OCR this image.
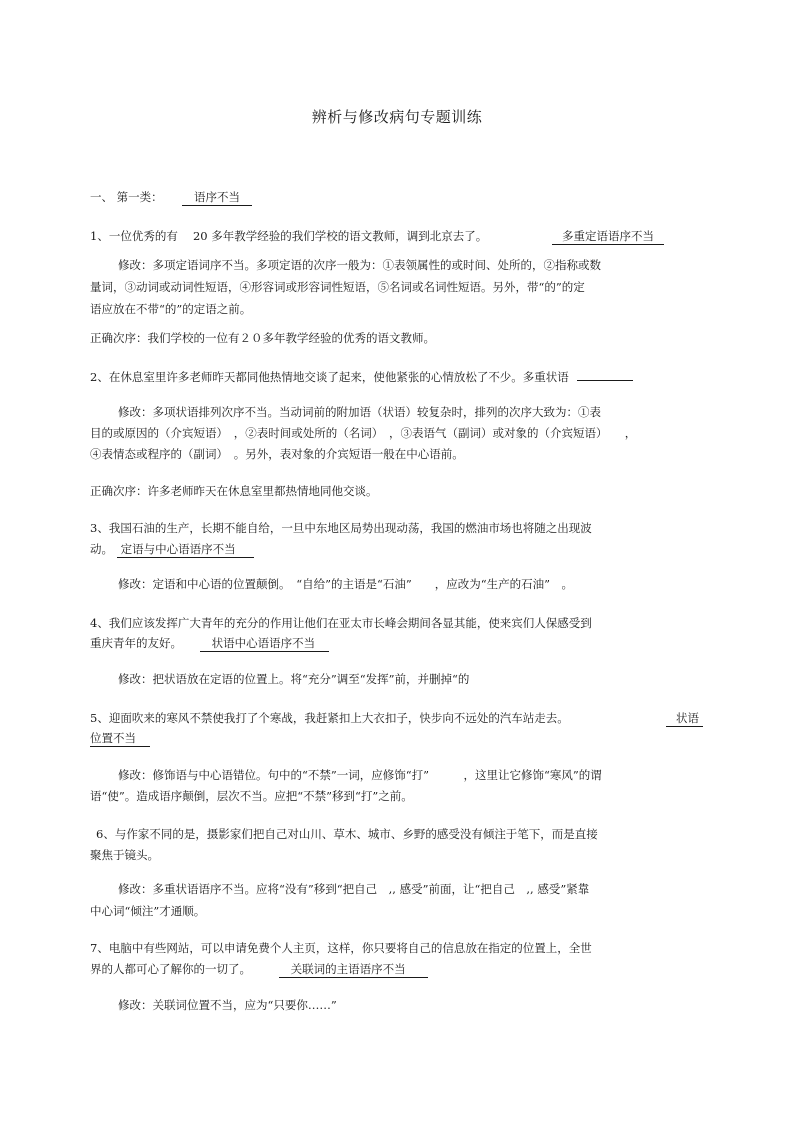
辨析与修改病句专题训练
一、 第一类：	语序不当
1、一位优秀的有　 20 多年教学经验的我们学校的语文教师，调到北京去了。	多重定语语序不当
修改：多项定语词序不当。多项定语的次序一般为：①表领属性的或时间、处所的，②指称或数
量词，③动词或动词性短语，④形容词或形容词性短语，⑤名词或名词性短语。另外，带“的”的定
语应放在不带“的”的定语之前。
正确次序：我们学校的一位有２０多年教学经验的优秀的语文教师。
2、在休息室里许多老师昨天都同他热情地交谈了起来，使他紧张的心情放松了不少。多重状语
修改：多项状语排列次序不当。当动词前的附加语（状语）较复杂时，排列的次序大致为：①表
目的或原因的（介宾短语）　，②表时间或处所的（名词）　，③表语气（副词）或对象的（介宾短语）　　，
④表情态或程序的（副词）　。另外，表对象的介宾短语一般在中心语前。
正确次序：许多老师昨天在休息室里都热情地同他交谈。
3、我国石油的生产，长期不能自给，一旦中东地区局势出现动荡，我国的燃油市场也将随之出现波
动。 定语与中心语语序不当
修改：定语和中心语的位置颠倒。　“自给”的主语是“石油”　　，应改为“生产的石油”　。
4、我们应该发挥广大青年的充分的作用让他们在亚太市长峰会期间各显其能，使来宾们人保感受到
重庆青年的友好。	状语中心语语序不当
修改：把状语放在定语的位置上。将“充分”调至“发挥”前，并删掉“的
5、迎面吹来的寒风不禁使我打了个寒战，我赶紧扣上大衣扣子，快步向不远处的汽车站走去。	状语
位置不当
修改：修饰语与中心语错位。句中的“不禁”一词，应修饰“打”　　　，这里让它修饰“寒风”的谓
语“使”。造成语序颠倒，层次不当。应把“不禁”移到“打”之前。
6、与作家不同的是，摄影家们把自己对山川、草木、城市、乡野的感受没有倾注于笔下，而是直接
聚焦于镜头。
修改：多重状语语序不当。应将“没有”移到“把自己　,, 感受”前面，让“把自己　,, 感受”紧靠
中心词“倾注”才通顺。
7、电脑中有些网站，可以申请免费个人主页，这样，你只要将自己的信息放在指定的位置上，全世
界的人都可心了解你的一切了。	关联词的主语语序不当
修改：关联词位置不当，应为“只要你……”
